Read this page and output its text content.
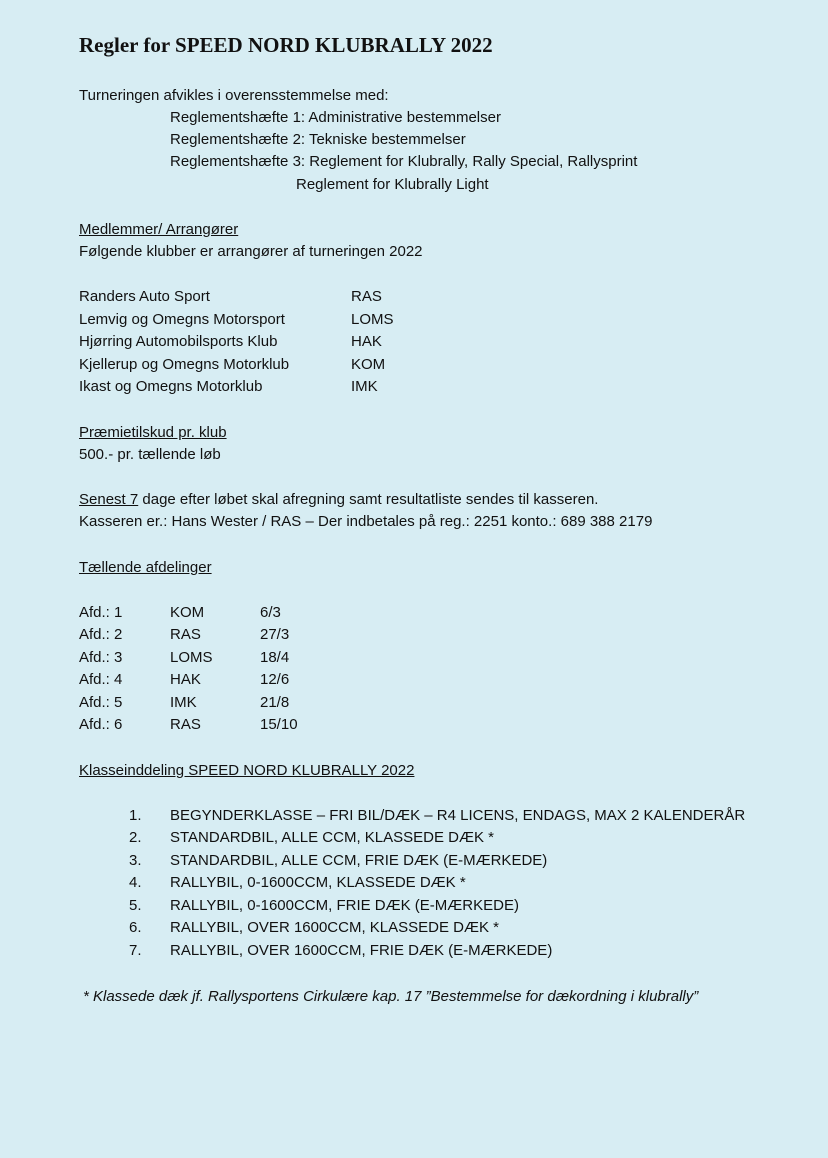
Regler for SPEED NORD KLUBRALLY 2022
Turneringen afvikles i overensstemmelse med:
Reglementshæfte 1: Administrative bestemmelser
Reglementshæfte 2: Tekniske bestemmelser
Reglementshæfte 3: Reglement for Klubrally, Rally Special, Rallysprint
Reglement for Klubrally Light
Medlemmer/ Arrangører
Følgende klubber er arrangører af turneringen 2022
Randers Auto Sport	RAS
Lemvig og Omegns Motorsport	LOMS
Hjørring Automobilsports Klub	HAK
Kjellerup og Omegns Motorklub	KOM
Ikast og Omegns Motorklub	IMK
Præmietilskud pr. klub
500.- pr. tællende løb
Senest 7 dage efter løbet skal afregning samt resultatliste sendes til kasseren.
Kasseren er.: Hans Wester / RAS – Der indbetales på reg.: 2251 konto.: 689 388 2179
Tællende afdelinger
Afd.: 1	KOM	6/3
Afd.: 2	RAS	27/3
Afd.: 3	LOMS	18/4
Afd.: 4	HAK	12/6
Afd.: 5	IMK	21/8
Afd.: 6	RAS	15/10
Klasseinddeling SPEED NORD KLUBRALLY 2022
1. BEGYNDERKLASSE – FRI BIL/DÆK – R4 LICENS, ENDAGS, MAX 2 KALENDERÅR
2. STANDARDBIL, ALLE CCM, KLASSEDE DÆK *
3. STANDARDBIL, ALLE CCM, FRIE DÆK (E-MÆRKEDE)
4. RALLYBIL, 0-1600CCM, KLASSEDE DÆK *
5. RALLYBIL, 0-1600CCM, FRIE DÆK (E-MÆRKEDE)
6. RALLYBIL, OVER 1600CCM, KLASSEDE DÆK *
7. RALLYBIL, OVER 1600CCM, FRIE DÆK (E-MÆRKEDE)
* Klassede dæk jf. Rallysportens Cirkulære kap. 17 ”Bestemmelse for dækordning i klubrally”
